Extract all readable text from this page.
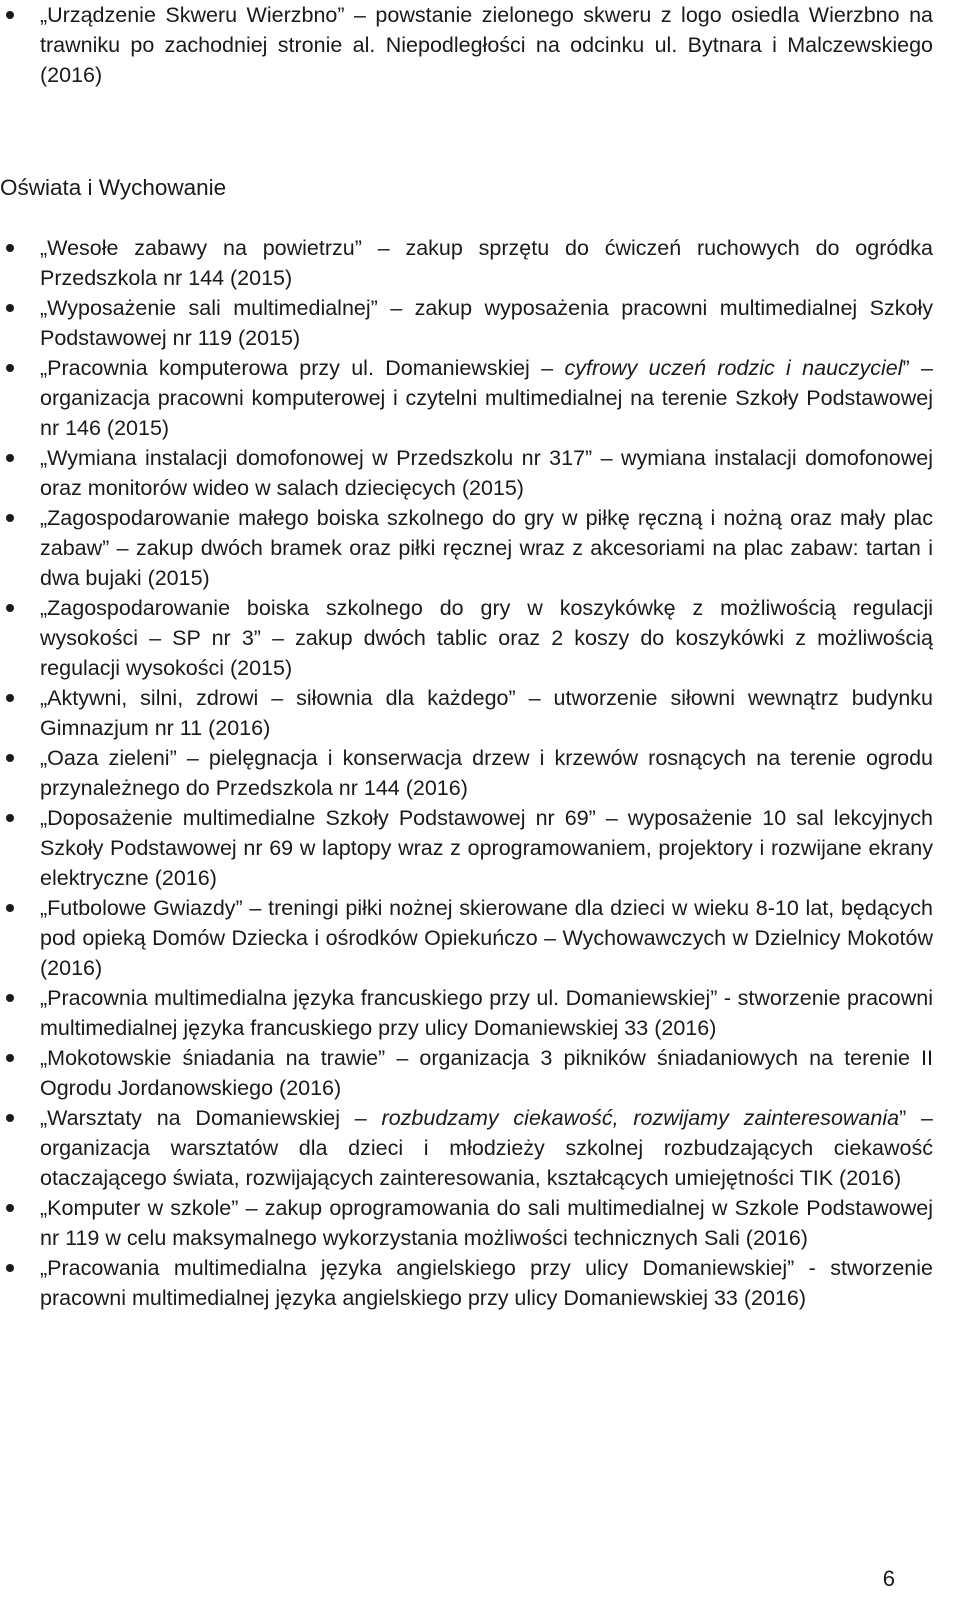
„Urządzenie Skweru Wierzbno” – powstanie zielonego skweru z logo osiedla Wierzbno na trawniku po zachodniej stronie al. Niepodległości na odcinku ul. Bytnara i Malczewskiego (2016)
Oświata i Wychowanie
„Wesołe zabawy na powietrzu” – zakup sprzętu do ćwiczeń ruchowych do ogródka Przedszkola nr 144 (2015)
„Wyposażenie sali multimedialnej” – zakup wyposażenia pracowni multimedialnej Szkoły Podstawowej nr 119 (2015)
„Pracownia komputerowa przy ul. Domaniewskiej – cyfrowy uczeń rodzic i nauczyciel” – organizacja pracowni komputerowej i czytelni multimedialnej na terenie Szkoły Podstawowej nr 146 (2015)
„Wymiana instalacji domofonowej w Przedszkolu nr 317” – wymiana instalacji domofonowej oraz monitorów wideo w salach dziecięcych (2015)
„Zagospodarowanie małego boiska szkolnego do gry w piłkę ręczną i nożną oraz mały plac zabaw” – zakup dwóch bramek oraz piłki ręcznej wraz z akcesoriami na plac zabaw: tartan i dwa bujaki (2015)
„Zagospodarowanie boiska szkolnego do gry w koszykówkę z możliwością regulacji wysokości – SP nr 3” – zakup dwóch tablic oraz 2 koszy do koszykówki z możliwością regulacji wysokości (2015)
„Aktywni, silni, zdrowi – siłownia dla każdego” – utworzenie siłowni wewnątrz budynku Gimnazjum nr 11 (2016)
„Oaza zieleni” – pielęgnacja i konserwacja drzew i krzewów rosnących na terenie ogrodu przynależnego do Przedszkola nr 144 (2016)
„Doposażenie multimedialne Szkoły Podstawowej nr 69” – wyposażenie 10 sal lekcyjnych Szkoły Podstawowej nr 69 w laptopy wraz z oprogramowaniem, projektory i rozwijane ekrany elektryczne (2016)
„Futbolowe Gwiazdy” – treningi piłki nożnej skierowane dla dzieci w wieku 8-10 lat, będących pod opieką Domów Dziecka i ośrodków Opiekuńczo – Wychowawczych w Dzielnicy Mokotów (2016)
„Pracownia multimedialna języka francuskiego przy ul. Domaniewskiej” - stworzenie pracowni multimedialnej języka francuskiego przy ulicy Domaniewskiej 33 (2016)
„Mokotowskie śniadania na trawie” – organizacja 3 pikników śniadaniowych na terenie II Ogrodu Jordanowskiego (2016)
„Warsztaty na Domaniewskiej – rozbudzamy ciekawość, rozwijamy zainteresowania” – organizacja warsztatów dla dzieci i młodzieży szkolnej rozbudzających ciekawość otaczającego świata, rozwijających zainteresowania, kształcących umiejętności TIK (2016)
„Komputer w szkole” – zakup oprogramowania do sali multimedialnej w Szkole Podstawowej nr 119 w celu maksymalnego wykorzystania możliwości technicznych Sali (2016)
„Pracowania multimedialna języka angielskiego przy ulicy Domaniewskiej” - stworzenie pracowni multimedialnej języka angielskiego przy ulicy Domaniewskiej 33 (2016)
6
